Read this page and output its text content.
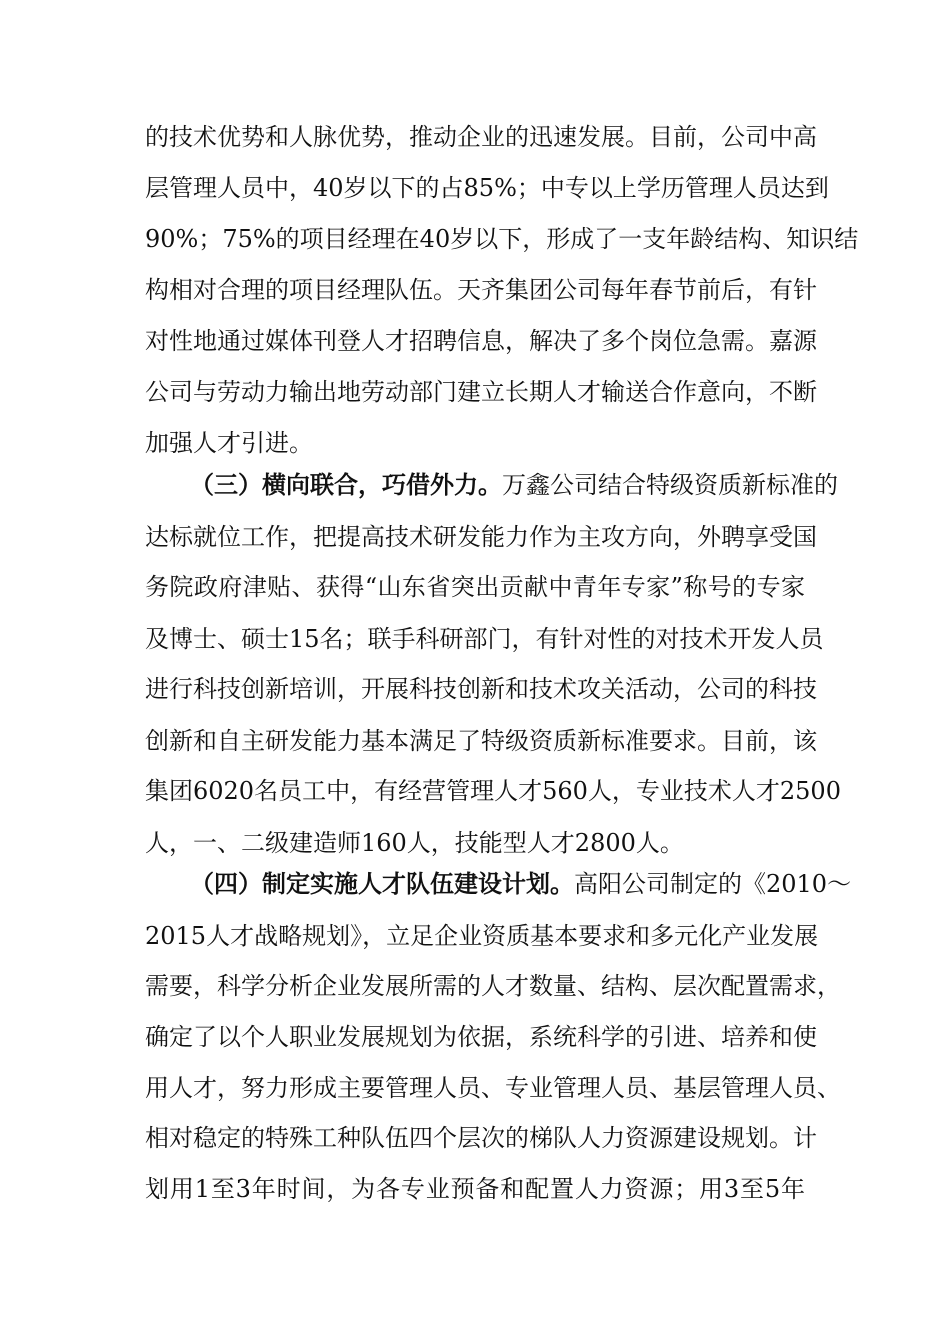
的技术优势和人脉优势，推动企业的迅速发展。目前，公司中高
层管理人员中，40岁以下的占85%；中专以上学历管理人员达到
90%；75%的项目经理在40岁以下，形成了一支年龄结构、知识结
构相对合理的项目经理队伍。天齐集团公司每年春节前后，有针
对性地通过媒体刊登人才招聘信息，解决了多个岗位急需。嘉源
公司与劳动力输出地劳动部门建立长期人才输送合作意向，不断
加强人才引进。
（三）横向联合，巧借外力。万鑫公司结合特级资质新标准的
达标就位工作，把提高技术研发能力作为主攻方向，外聘享受国
务院政府津贴、获得“山东省突出贡献中青年专家”称号的专家
及博士、硕士15名；联手科研部门，有针对性的对技术开发人员
进行科技创新培训，开展科技创新和技术攻关活动，公司的科技
创新和自主研发能力基本满足了特级资质新标准要求。目前，该
集团6020名员工中，有经营管理人才560人，专业技术人才2500
人，一、二级建造师160人，技能型人才2800人。
（四）制定实施人才队伍建设计划。高阳公司制定的《2010～
2015人才战略规划》，立足企业资质基本要求和多元化产业发展
需要，科学分析企业发展所需的人才数量、结构、层次配置需求，
确定了以个人职业发展规划为依据，系统科学的引进、培养和使
用人才，努力形成主要管理人员、专业管理人员、基层管理人员、
相对稳定的特殊工种队伍四个层次的梯队人力资源建设规划。计
划用1至3年时间，为各专业预备和配置人力资源；用3至5年
